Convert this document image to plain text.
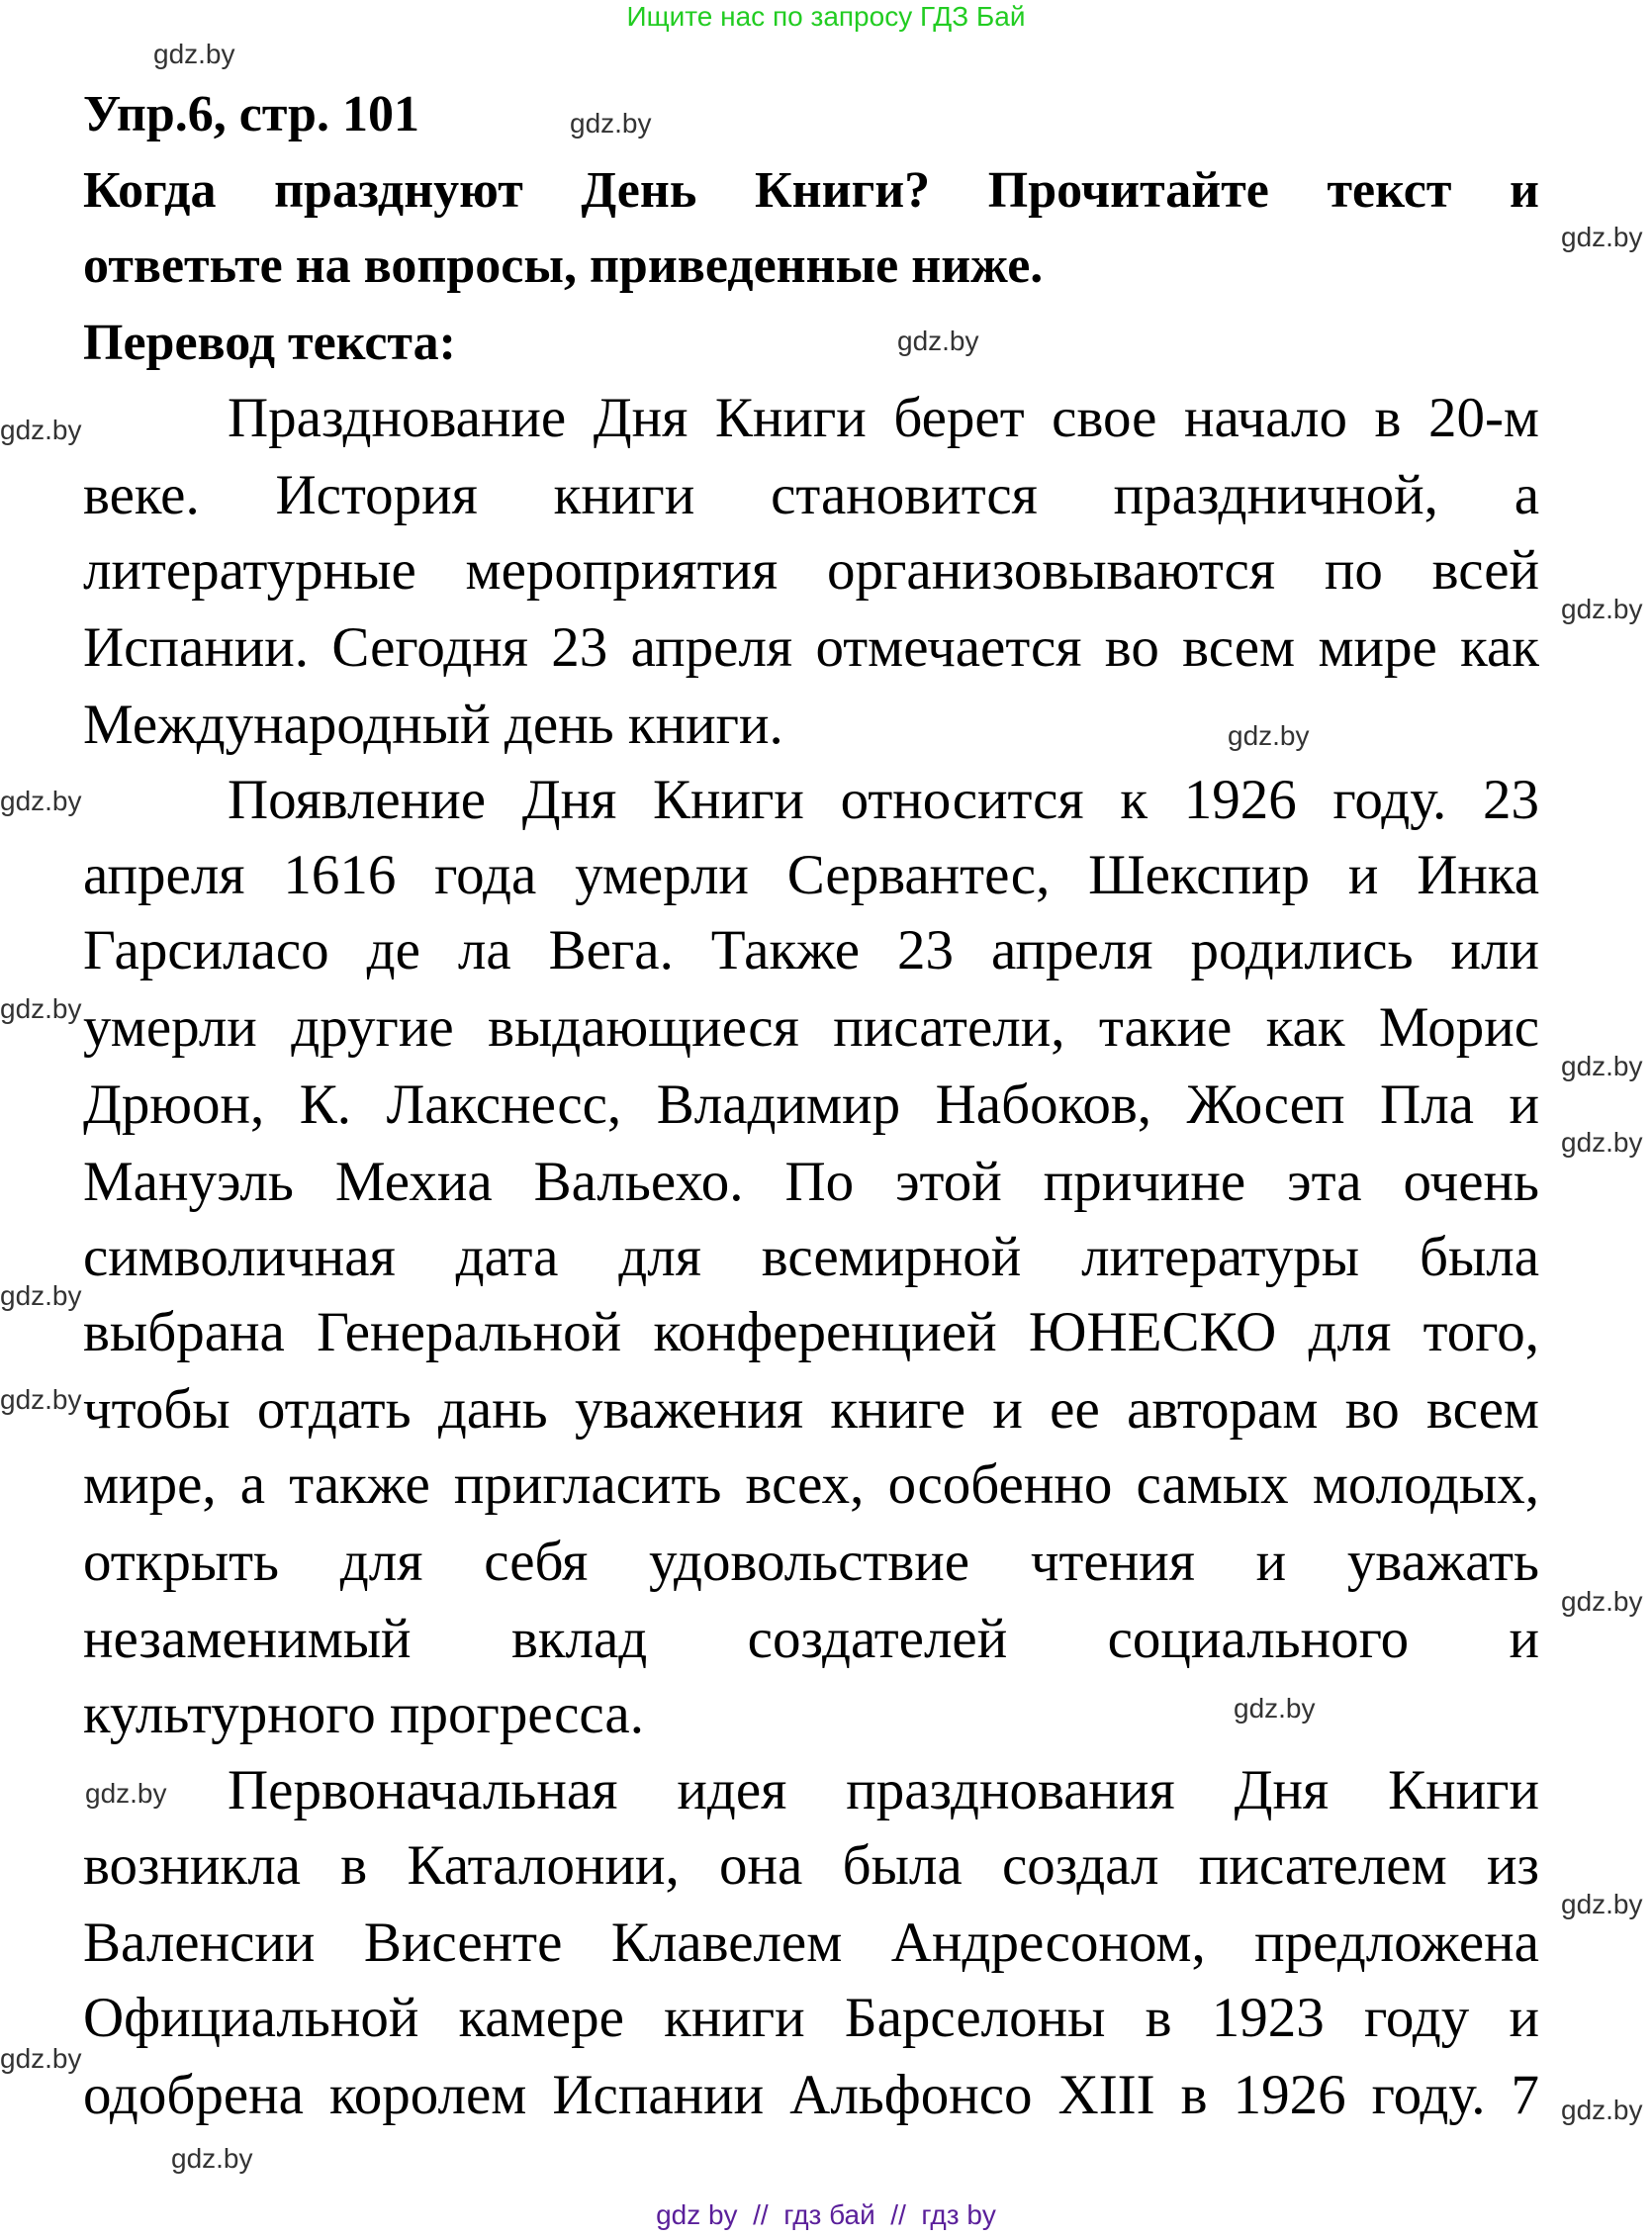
Ищите нас по запросу ГДЗ Бай
Упр.6, стр. 101
Когда празднуют День Книги? Прочитайте текст и
ответьте на вопросы, приведенные ниже.
Перевод текста:
Празднование Дня Книги берет свое начало в 20-м
веке. История книги становится праздничной, а
литературные мероприятия организовываются по всей
Испании. Сегодня 23 апреля отмечается во всем мире как
Международный день книги.
Появление Дня Книги относится к 1926 году. 23
апреля 1616 года умерли Сервантес, Шекспир и Инка
Гарсиласо де ла Вега. Также 23 апреля родились или
умерли другие выдающиеся писатели, такие как Морис
Дрюон, К. Лакснесс, Владимир Набоков, Жосеп Пла и
Мануэль Мехиа Вальехо. По этой причине эта очень
символичная дата для всемирной литературы была
выбрана Генеральной конференцией ЮНЕСКО для того,
чтобы отдать дань уважения книге и ее авторам во всем
мире, а также пригласить всех, особенно самых молодых,
открыть для себя удовольствие чтения и уважать
незаменимый вклад создателей социального и
культурного прогресса.
Первоначальная идея празднования Дня Книги
возникла в Каталонии, она была создал писателем из
Валенсии Висенте Клавелем Андресоном, предложена
Официальной камере книги Барселоны в 1923 году и
одобрена королем Испании Альфонсо XIII в 1926 году. 7
gdz.by
gdz.by
gdz.by
gdz.by
gdz.by
gdz.by
gdz.by
gdz.by
gdz.by
gdz.by
gdz.by
gdz.by
gdz.by
gdz.by
gdz.by
gdz.by
gdz.by
gdz.by
gdz.by
gdz.by
gdz by  //  гдз бай  //  гдз by
